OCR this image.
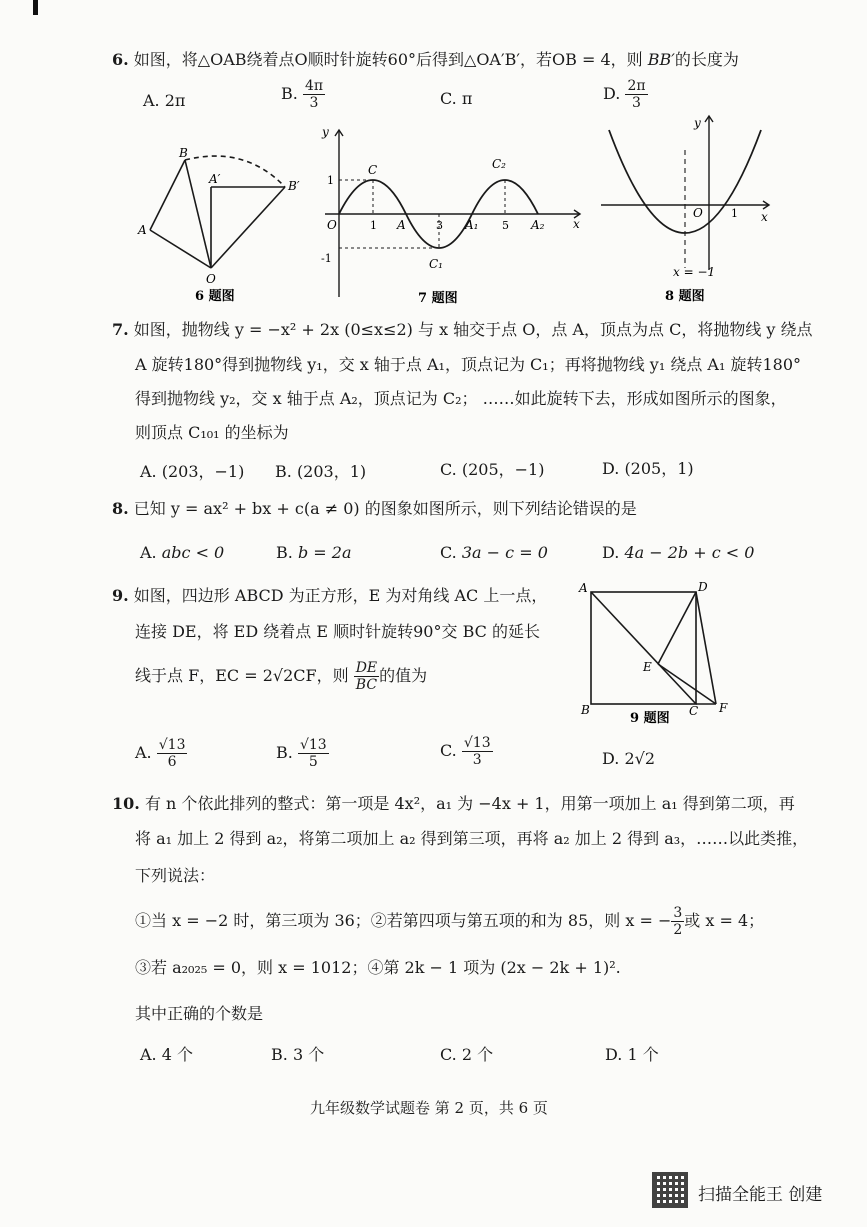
6. 如图，将△OAB绕着点O顺时针旋转60°后得到△OA′B′，若OB = 4，则 BB′的长度为
A. 2π	B. $\frac{4\pi}{3}$	C. π	D. $\frac{2\pi}{3}$
A
B
A′	B′
O
6 题图
y
x
O
1
-1
1	3	5
A	A₁	A₂
C
C₁
C₂
7 题图
y
x
O	1
x = −1
8 题图
7. 如图，抛物线 y = −x² + 2x (0≤x≤2) 与 x 轴交于点 O，点 A，顶点为点 C，将抛物线 y 绕点
A 旋转180°得到抛物线 y₁，交 x 轴于点 A₁，顶点记为 C₁；再将抛物线 y₁ 绕点 A₁ 旋转180°
得到抛物线 y₂，交 x 轴于点 A₂，顶点记为 C₂； ……如此旋转下去，形成如图所示的图象，
则顶点 C₁₀₁ 的坐标为
A. (203，−1) B. (203，1)	C. (205，−1)	D. (205，1)
8. 已知 y = ax² + bx + c(a ≠ 0) 的图象如图所示，则下列结论错误的是
A. abc < 0	B. b = 2a	C. 3a − c = 0	D. 4a − 2b + c < 0
9. 如图，四边形 ABCD 为正方形，E 为对角线 AC 上一点，
连接 DE，将 ED 绕着点 E 顺时针旋转90°交 BC 的延长
线于点 F，EC = 2√2CF，则 $\frac{DE}{BC}$ 的值为
A	D
B	C
E
F
9 题图
A. $\frac{√13}{6}$	B. $\frac{√13}{5}$	C. $\frac{√13}{3}$	D. 2√2
10. 有 n 个依此排列的整式：第一项是 4x²，a₁ 为 −4x + 1，用第一项加上 a₁ 得到第二项，再
将 a₁ 加上 2 得到 a₂，将第二项加上 a₂ 得到第三项，再将 a₂ 加上 2 得到 a₃，……以此类推，
下列说法：
①当 x = −2 时，第三项为 36；②若第四项与第五项的和为 85，则 x = − $\frac{3}{2}$ 或 x = 4；
③若 a₂₀₂₅ = 0，则 x = 1012；④第 2k − 1 项为 (2x − 2k + 1)².
其中正确的个数是
A. 4 个	B. 3 个	C. 2 个	D. 1 个
九年级数学试题卷 第 2 页，共 6 页
扫描全能王 创建
